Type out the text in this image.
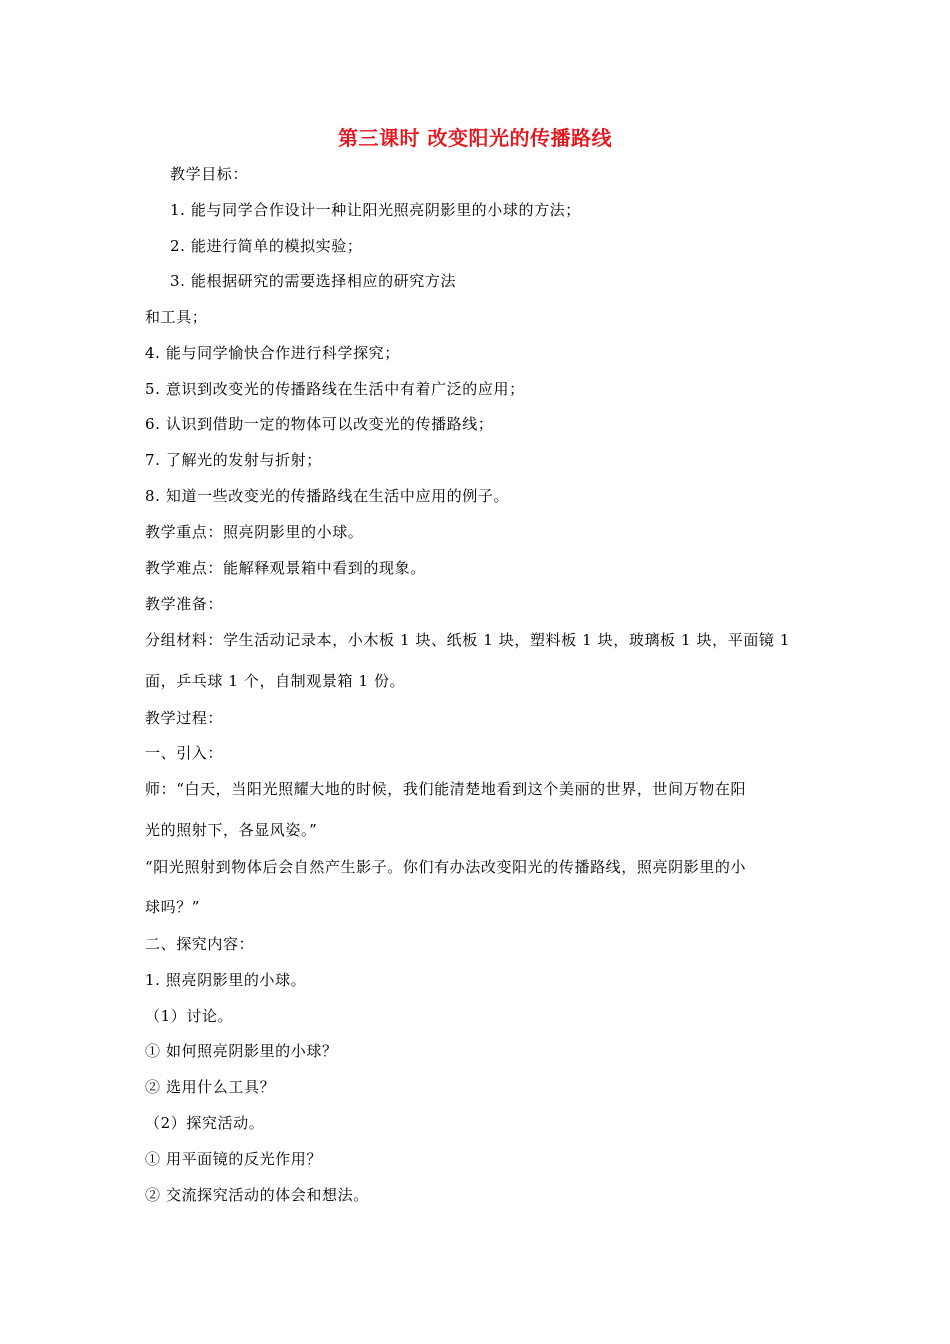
第三课时 改变阳光的传播路线
教学目标：
1. 能与同学合作设计一种让阳光照亮阴影里的小球的方法；
2. 能进行简单的模拟实验；
3. 能根据研究的需要选择相应的研究方法
和工具；
4. 能与同学愉快合作进行科学探究；
5. 意识到改变光的传播路线在生活中有着广泛的应用；
6. 认识到借助一定的物体可以改变光的传播路线；
7. 了解光的发射与折射；
8. 知道一些改变光的传播路线在生活中应用的例子。
教学重点：照亮阴影里的小球。
教学难点：能解释观景箱中看到的现象。
教学准备：
分组材料：学生活动记录本，小木板 1 块、纸板 1 块，塑料板 1 块，玻璃板 1 块，平面镜 1
面，乒乓球 1 个，自制观景箱 1 份。
教学过程：
一、引入：
师：“白天，当阳光照耀大地的时候，我们能清楚地看到这个美丽的世界，世间万物在阳
光的照射下，各显风姿。”
“阳光照射到物体后会自然产生影子。你们有办法改变阳光的传播路线，照亮阴影里的小
球吗？”
二、探究内容：
1. 照亮阴影里的小球。
（1）讨论。
① 如何照亮阴影里的小球？
② 选用什么工具？
（2）探究活动。
① 用平面镜的反光作用？
② 交流探究活动的体会和想法。
